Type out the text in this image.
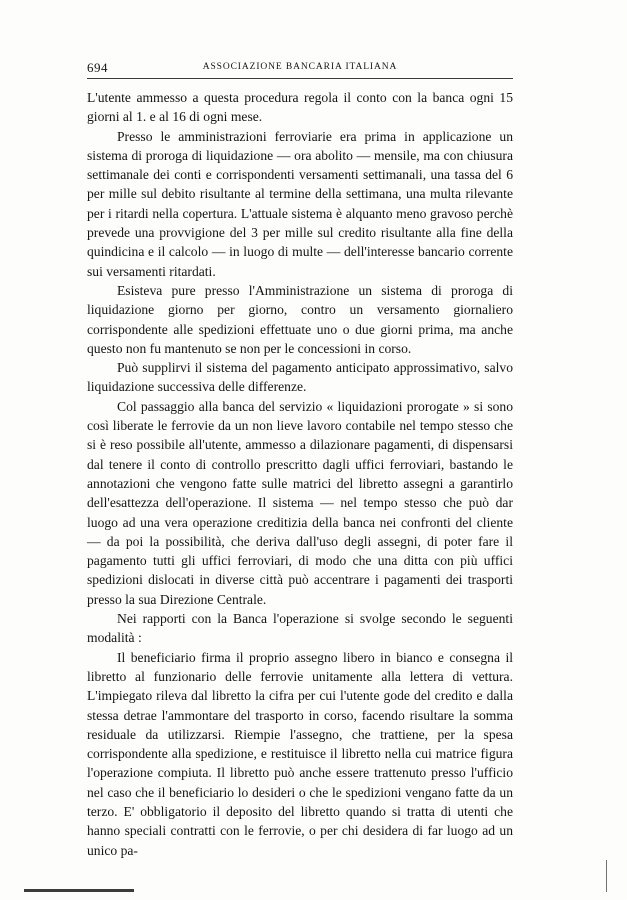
694	ASSOCIAZIONE BANCARIA ITALIANA

L'utente ammesso a questa procedura regola il conto con la banca ogni 15 giorni al 1. e al 16 di ogni mese.

Presso le amministrazioni ferroviarie era prima in applicazione un sistema di proroga di liquidazione — ora abolito — mensile, ma con chiusura settimanale dei conti e corrispondenti versamenti settimanali, una tassa del 6 per mille sul debito risultante al termine della settimana, una multa rilevante per i ritardi nella copertura. L'attuale sistema è alquanto meno gravoso perchè prevede una provvigione del 3 per mille sul credito risultante alla fine della quindicina e il calcolo — in luogo di multe — dell'interesse bancario corrente sui versamenti ritardati.

Esisteva pure presso l'Amministrazione un sistema di proroga di liquidazione giorno per giorno, contro un versamento giornaliero corrispondente alle spedizioni effettuate uno o due giorni prima, ma anche questo non fu mantenuto se non per le concessioni in corso.

Può supplirvi il sistema del pagamento anticipato approssimativo, salvo liquidazione successiva delle differenze.

Col passaggio alla banca del servizio « liquidazioni prorogate » si sono così liberate le ferrovie da un non lieve lavoro contabile nel tempo stesso che si è reso possibile all'utente, ammesso a dilazionare pagamenti, di dispensarsi dal tenere il conto di controllo prescritto dagli uffici ferroviari, bastando le annotazioni che vengono fatte sulle matrici del libretto assegni a garantirlo dell'esattezza dell'operazione. Il sistema — nel tempo stesso che può dar luogo ad una vera operazione creditizia della banca nei confronti del cliente — da poi la possibilità, che deriva dall'uso degli assegni, di poter fare il pagamento tutti gli uffici ferroviari, di modo che una ditta con più uffici spedizioni dislocati in diverse città può accentrare i pagamenti dei trasporti presso la sua Direzione Centrale.

Nei rapporti con la Banca l'operazione si svolge secondo le seguenti modalità :

Il beneficiario firma il proprio assegno libero in bianco e consegna il libretto al funzionario delle ferrovie unitamente alla lettera di vettura. L'impiegato rileva dal libretto la cifra per cui l'utente gode del credito e dalla stessa detrae l'ammontare del trasporto in corso, facendo risultare la somma residuale da utilizzarsi. Riempie l'assegno, che trattiene, per la spesa corrispondente alla spedizione, e restituisce il libretto nella cui matrice figura l'operazione compiuta. Il libretto può anche essere trattenuto presso l'ufficio nel caso che il beneficiario lo desideri o che le spedizioni vengano fatte da un terzo. E' obbligatorio il deposito del libretto quando si tratta di utenti che hanno speciali contratti con le ferrovie, o per chi desidera di far luogo ad un unico pa-
